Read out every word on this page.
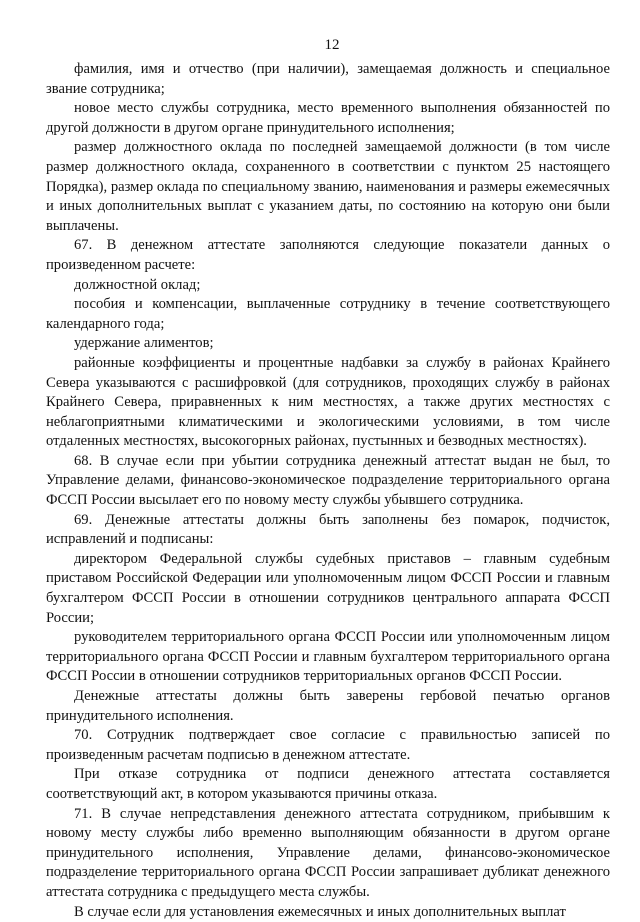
12

фамилия, имя и отчество (при наличии), замещаемая должность и специальное звание сотрудника;

новое место службы сотрудника, место временного выполнения обязанностей по другой должности в другом органе принудительного исполнения;

размер должностного оклада по последней замещаемой должности (в том числе размер должностного оклада, сохраненного в соответствии с пунктом 25 настоящего Порядка), размер оклада по специальному званию, наименования и размеры ежемесячных и иных дополнительных выплат с указанием даты, по состоянию на которую они были выплачены.

67. В денежном аттестате заполняются следующие показатели данных о произведенном расчете:

должностной оклад;

пособия и компенсации, выплаченные сотруднику в течение соответствующего календарного года;

удержание алиментов;

районные коэффициенты и процентные надбавки за службу в районах Крайнего Севера указываются с расшифровкой (для сотрудников, проходящих службу в районах Крайнего Севера, приравненных к ним местностях, а также других местностях с неблагоприятными климатическими и экологическими условиями, в том числе отдаленных местностях, высокогорных районах, пустынных и безводных местностях).

68. В случае если при убытии сотрудника денежный аттестат выдан не был, то Управление делами, финансово-экономическое подразделение территориального органа ФССП России высылает его по новому месту службы убывшего сотрудника.

69. Денежные аттестаты должны быть заполнены без помарок, подчисток, исправлений и подписаны:

директором Федеральной службы судебных приставов – главным судебным приставом Российской Федерации или уполномоченным лицом ФССП России и главным бухгалтером ФССП России в отношении сотрудников центрального аппарата ФССП России;

руководителем территориального органа ФССП России или уполномоченным лицом территориального органа ФССП России и главным бухгалтером территориального органа ФССП России в отношении сотрудников территориальных органов ФССП России.

Денежные аттестаты должны быть заверены гербовой печатью органов принудительного исполнения.

70. Сотрудник подтверждает свое согласие с правильностью записей по произведенным расчетам подписью в денежном аттестате.

При отказе сотрудника от подписи денежного аттестата составляется соответствующий акт, в котором указываются причины отказа.

71. В случае непредставления денежного аттестата сотрудником, прибывшим к новому месту службы либо временно выполняющим обязанности в другом органе принудительного исполнения, Управление делами, финансово-экономическое подразделение территориального органа ФССП России запрашивает дубликат денежного аттестата сотрудника с предыдущего места службы.

В случае если для установления ежемесячных и иных дополнительных выплат
